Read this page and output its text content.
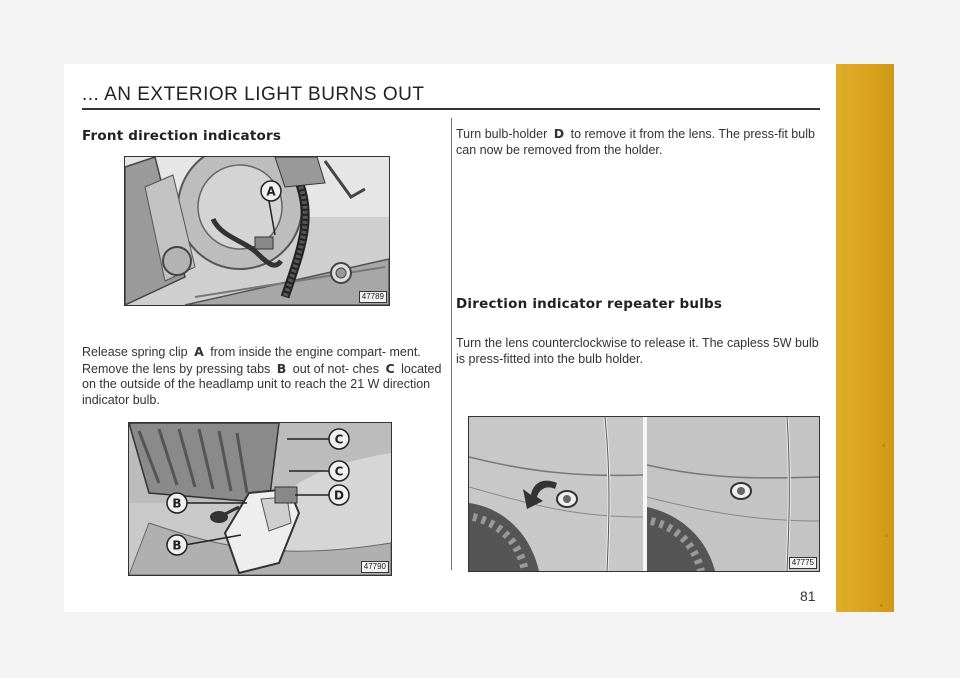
... AN EXTERIOR LIGHT BURNS OUT
Front direction indicators
A
47789

Release spring clip A from inside the engine compart- ment. Remove the lens by pressing tabs B out of not- ches C located on the outside of the headlamp unit to reach the 21 W direction indicator bulb.

C
C
D
B
B
47790

Turn bulb-holder D to remove it from the lens. The press-fit bulb can now be removed from the holder.

Direction indicator repeater bulbs

Turn the lens counterclockwise to release it. The capless 5W bulb is press-fitted into the bulb holder.

47775
81
